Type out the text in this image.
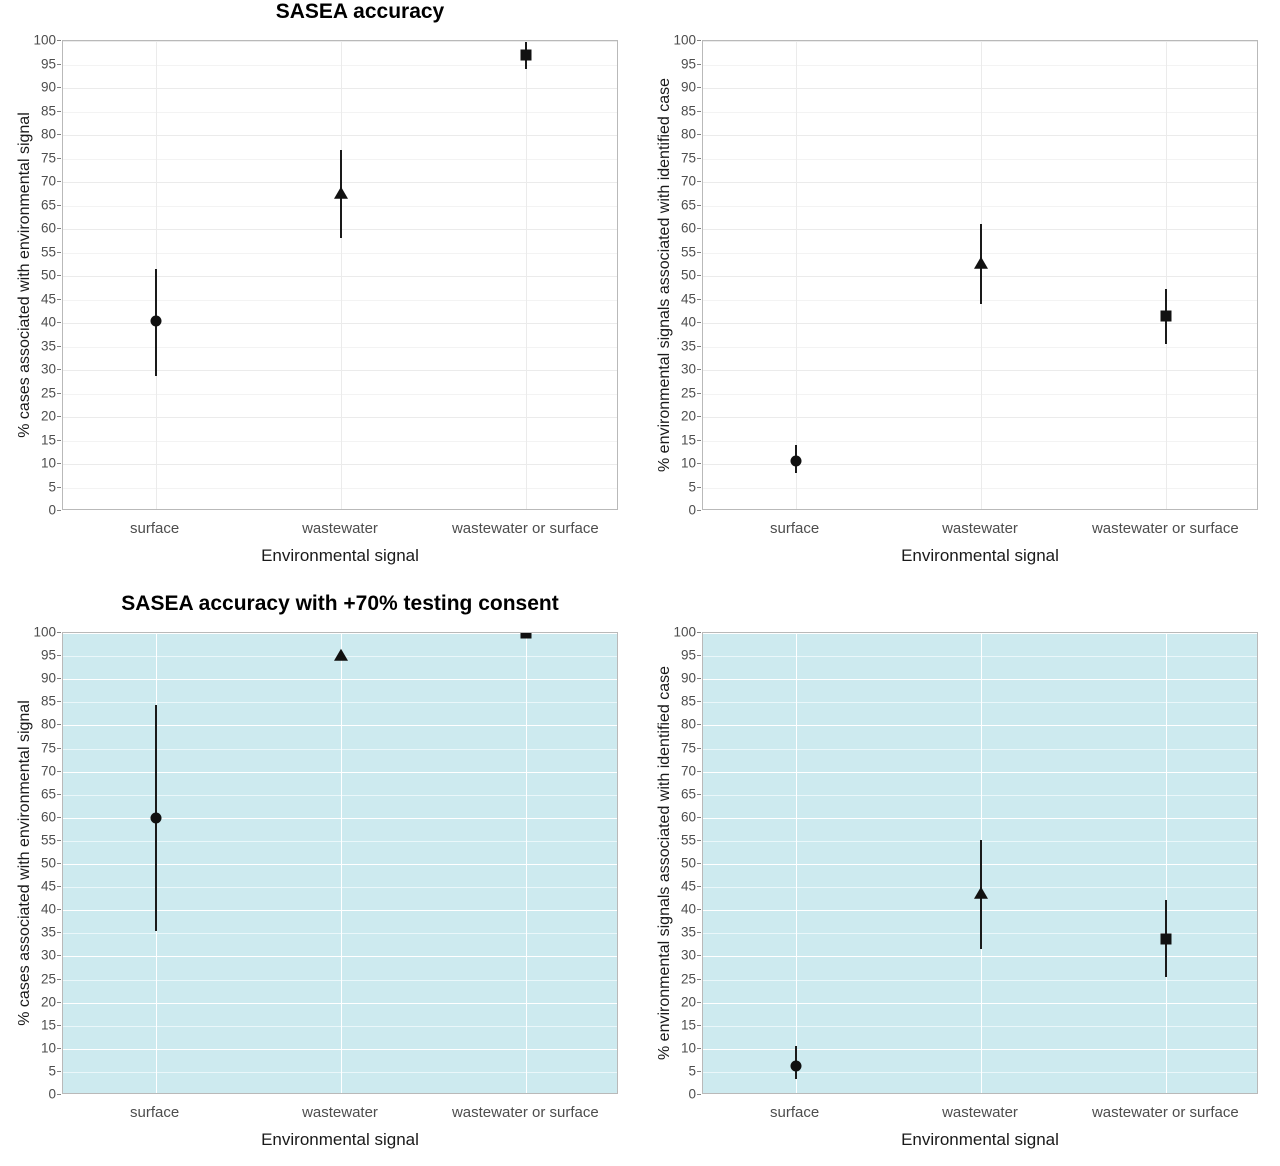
SASEA accuracy
SASEA accuracy with +70% testing consent
0
5
10
15
20
25
30
35
40
45
50
55
60
65
70
75
80
85
90
95
100
surface	wastewater	wastewater or surface
Environmental signal
% cases associated with environmental signal
0
5
10
15
20
25
30
35
40
45
50
55
60
65
70
75
80
85
90
95
100
surface	wastewater	wastewater or surface
Environmental signal
% environmental signals associated with identified case
0
5
10
15
20
25
30
35
40
45
50
55
60
65
70
75
80
85
90
95
100
surface	wastewater	wastewater or surface
Environmental signal
% cases associated with environmental signal
0
5
10
15
20
25
30
35
40
45
50
55
60
65
70
75
80
85
90
95
100
surface	wastewater	wastewater or surface
Environmental signal
% environmental signals associated with identified case
